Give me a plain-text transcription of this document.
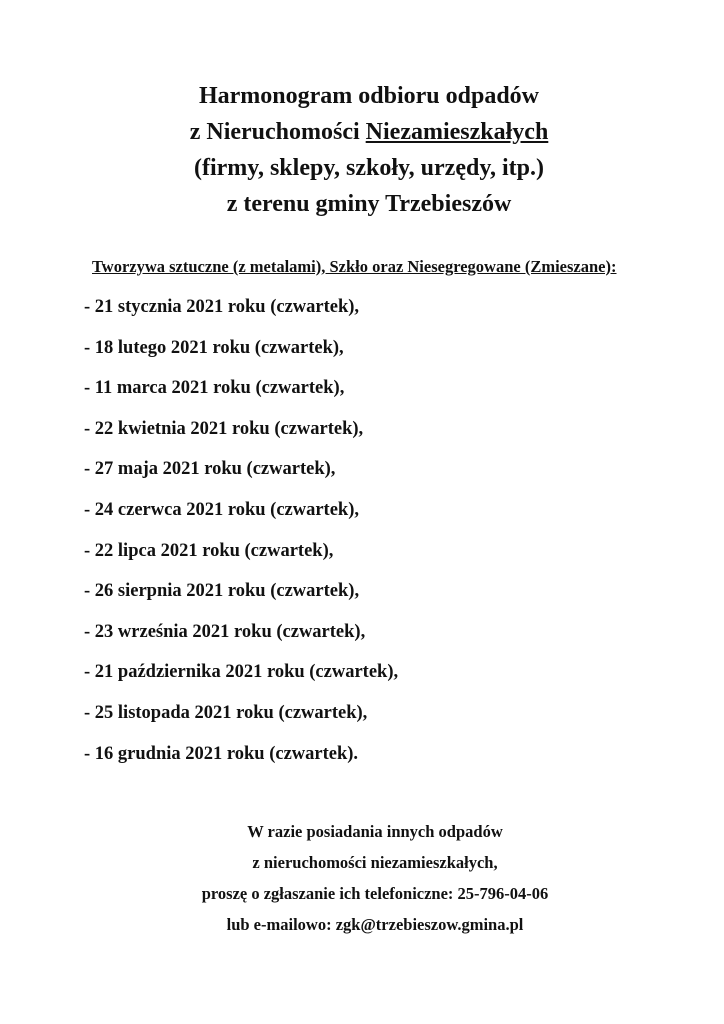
Harmonogram odbioru odpadów
z Nieruchomości Niezamieszkałych
(firmy, sklepy, szkoły, urzędy, itp.)
z terenu gminy Trzebieszów
Tworzywa sztuczne (z metalami), Szkło oraz Niesegregowane (Zmieszane):
- 21 stycznia 2021 roku (czwartek),
- 18 lutego 2021 roku (czwartek),
- 11 marca 2021 roku (czwartek),
- 22 kwietnia 2021 roku (czwartek),
- 27 maja 2021 roku (czwartek),
- 24 czerwca 2021 roku (czwartek),
- 22 lipca 2021 roku (czwartek),
- 26 sierpnia 2021 roku (czwartek),
- 23 września 2021 roku (czwartek),
- 21 października 2021 roku (czwartek),
- 25 listopada 2021 roku (czwartek),
- 16 grudnia 2021 roku (czwartek).
W razie posiadania innych odpadów
z nieruchomości niezamieszkałych,
proszę o zgłaszanie ich telefoniczne: 25-796-04-06
lub e-mailowo: zgk@trzebieszow.gmina.pl
